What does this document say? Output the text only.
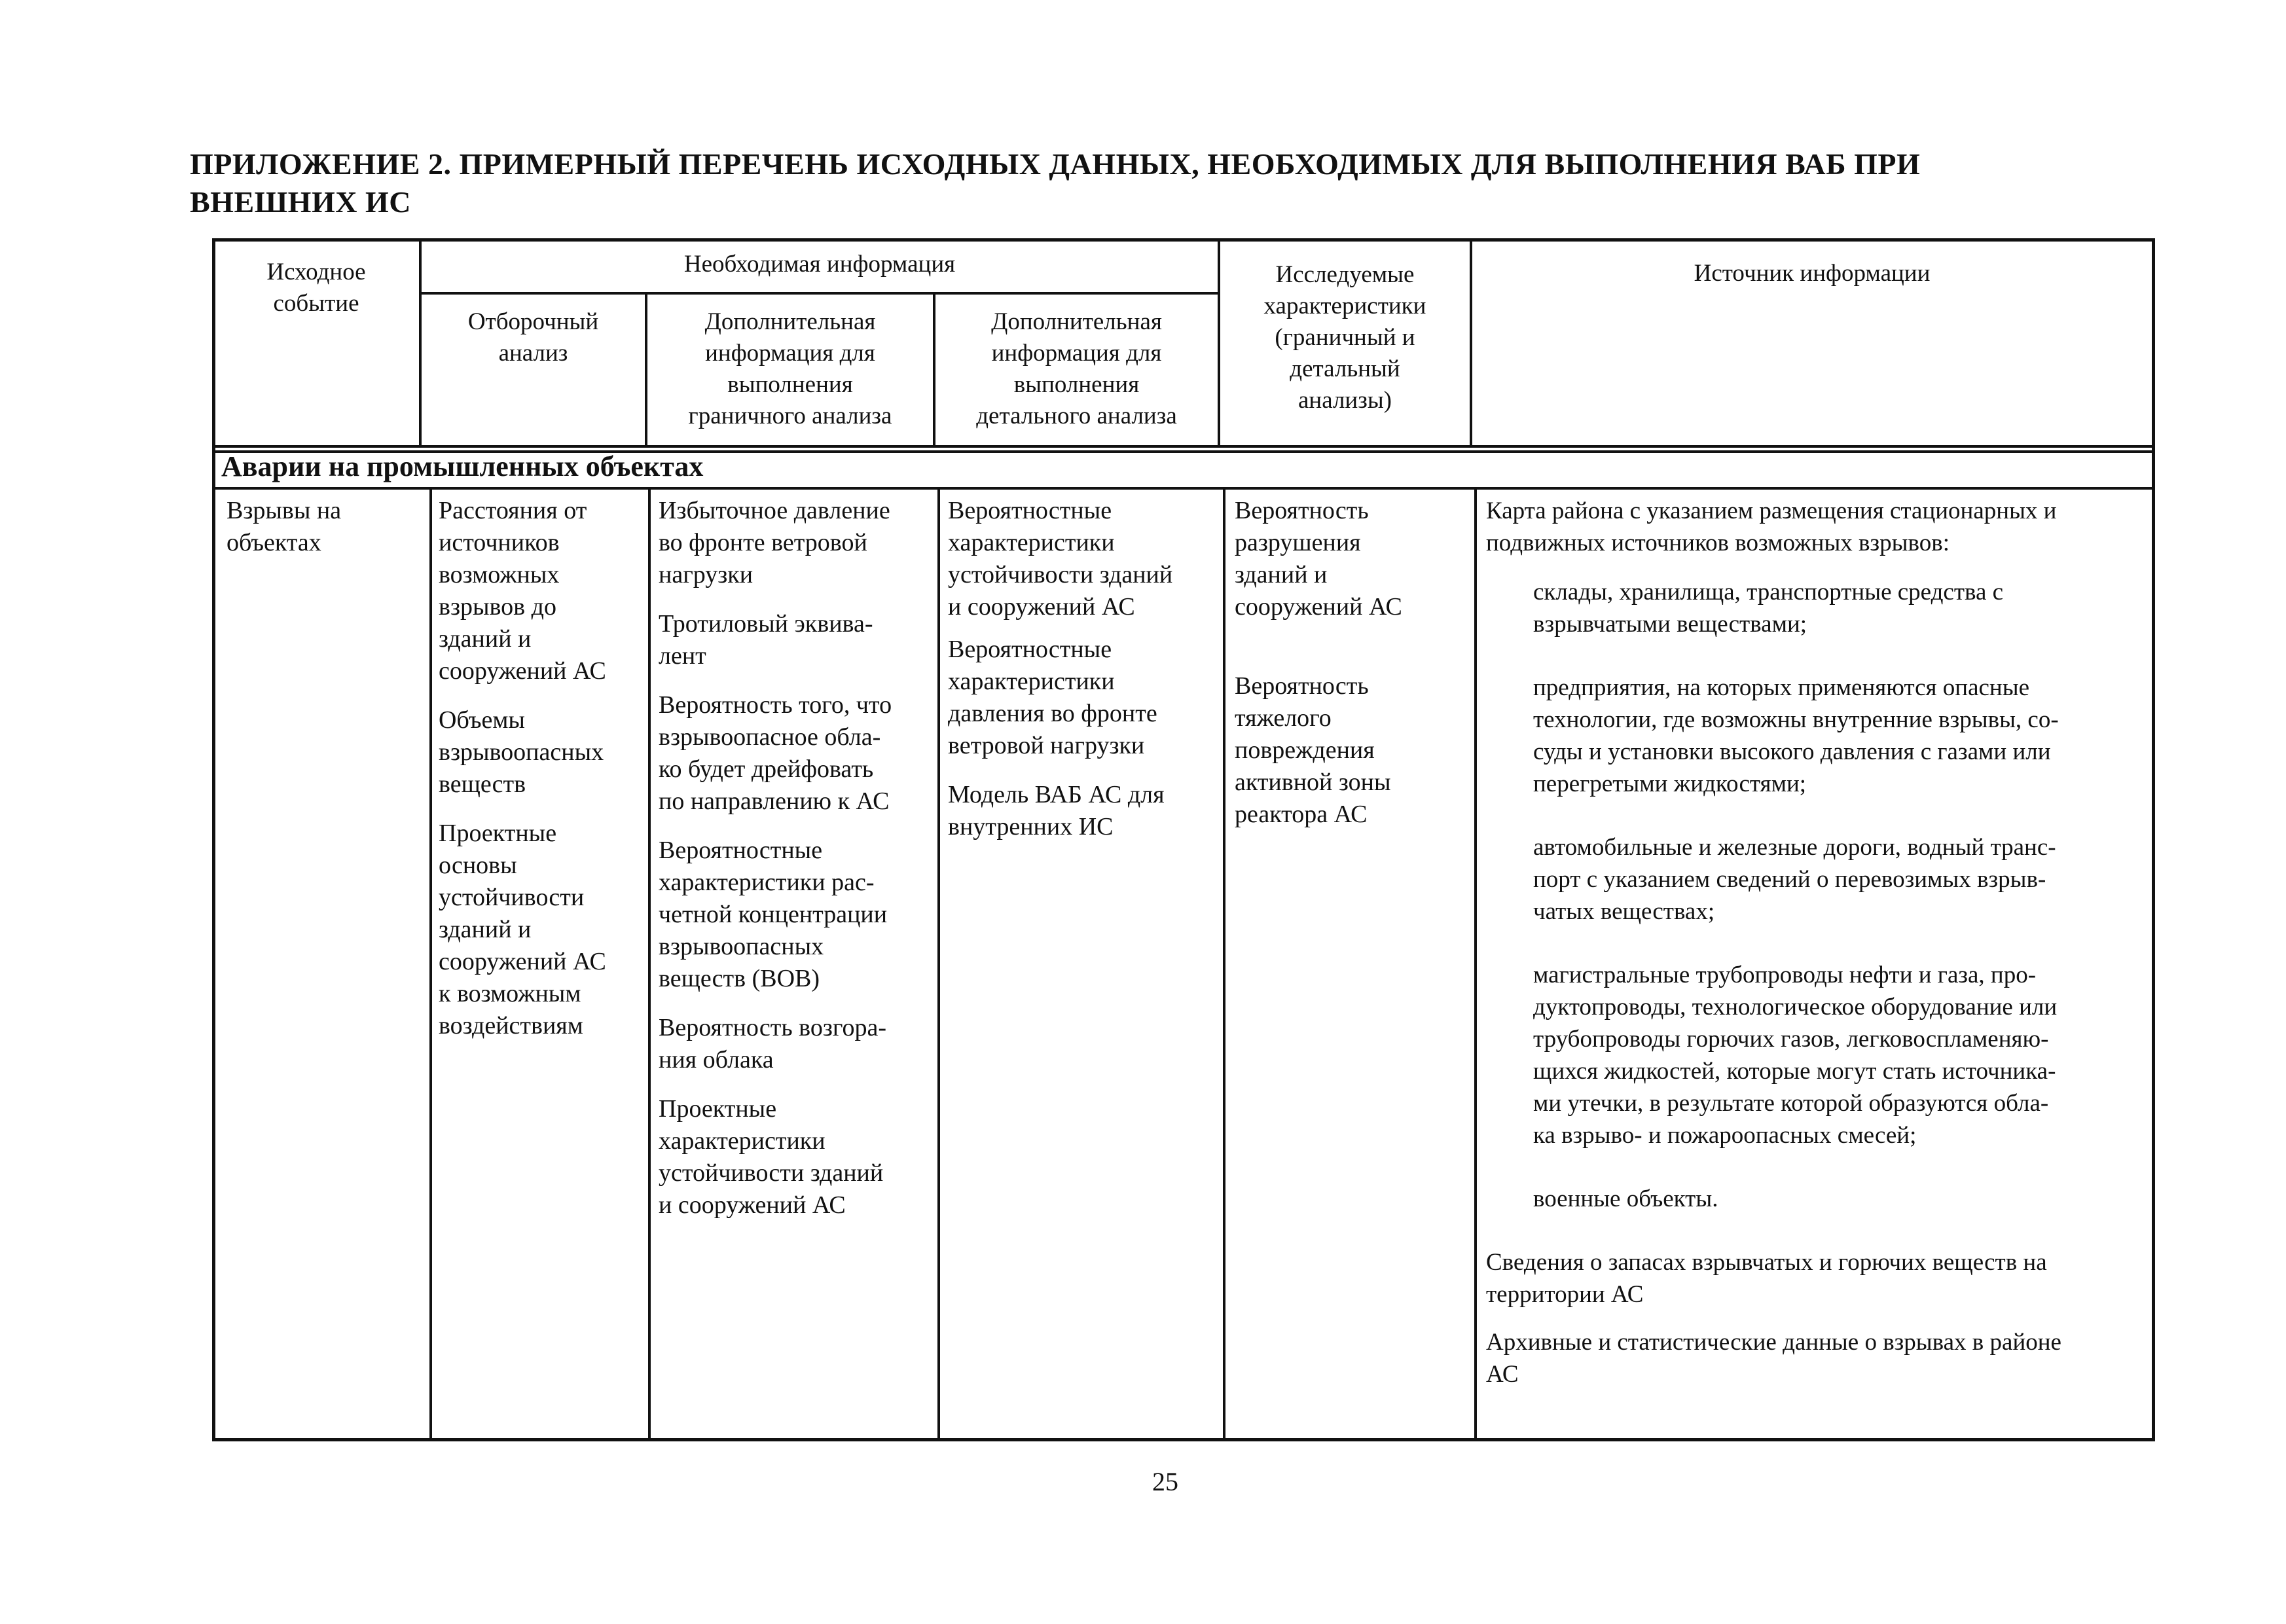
ПРИЛОЖЕНИЕ 2. ПРИМЕРНЫЙ ПЕРЕЧЕНЬ ИСХОДНЫХ ДАННЫХ, НЕОБХОДИМЫХ ДЛЯ ВЫПОЛНЕНИЯ ВАБ ПРИ
ВНЕШНИХ ИС
Исходное
событие
Необходимая информация
Отборочный
анализ
Дополнительная
информация для
выполнения
граничного анализа
Дополнительная
информация для
выполнения
детального анализа
Исследуемые
характеристики
(граничный и
детальный
анализы)
Источник информации
Аварии на промышленных объектах
Взрывы на
объектах

Расстояния от
источников
возможных
взрывов до
зданий и
сооружений АС

Объемы
взрывоопасных
веществ

Проектные
основы
устойчивости
зданий и
сооружений АС
к возможным
воздействиям

Избыточное давление
во фронте ветровой
нагрузки

Тротиловый эквива-
лент

Вероятность того, что
взрывоопасное обла-
ко будет дрейфовать
по направлению к АС

Вероятностные
характеристики рас-
четной концентрации
взрывоопасных
веществ (ВОВ)

Вероятность возгора-
ния облака

Проектные
характеристики
устойчивости зданий
и сооружений АС

Вероятностные
характеристики
устойчивости зданий
и сооружений АС

Вероятностные
характеристики
давления во фронте
ветровой нагрузки

Модель ВАБ АС для
внутренних ИС

Вероятность
разрушения
зданий и
сооружений АС

Вероятность
тяжелого
повреждения
активной зоны
реактора АС

Карта района с указанием размещения стационарных и
подвижных источников возможных взрывов:

склады, хранилища, транспортные средства с
взрывчатыми веществами;

предприятия, на которых применяются опасные
технологии, где возможны внутренние взрывы, со-
суды и установки высокого давления с газами или
перегретыми жидкостями;

автомобильные и железные дороги, водный транс-
порт с указанием сведений о перевозимых взрыв-
чатых веществах;

магистральные трубопроводы нефти и газа, про-
дуктопроводы, технологическое оборудование или
трубопроводы горючих газов, легковоспламеняю-
щихся жидкостей, которые могут стать источника-
ми утечки, в результате которой образуются обла-
ка взрыво- и пожароопасных смесей;

военные объекты.

Сведения о запасах взрывчатых и горючих веществ на
территории АС

Архивные и статистические данные о взрывах в районе
АС

25
